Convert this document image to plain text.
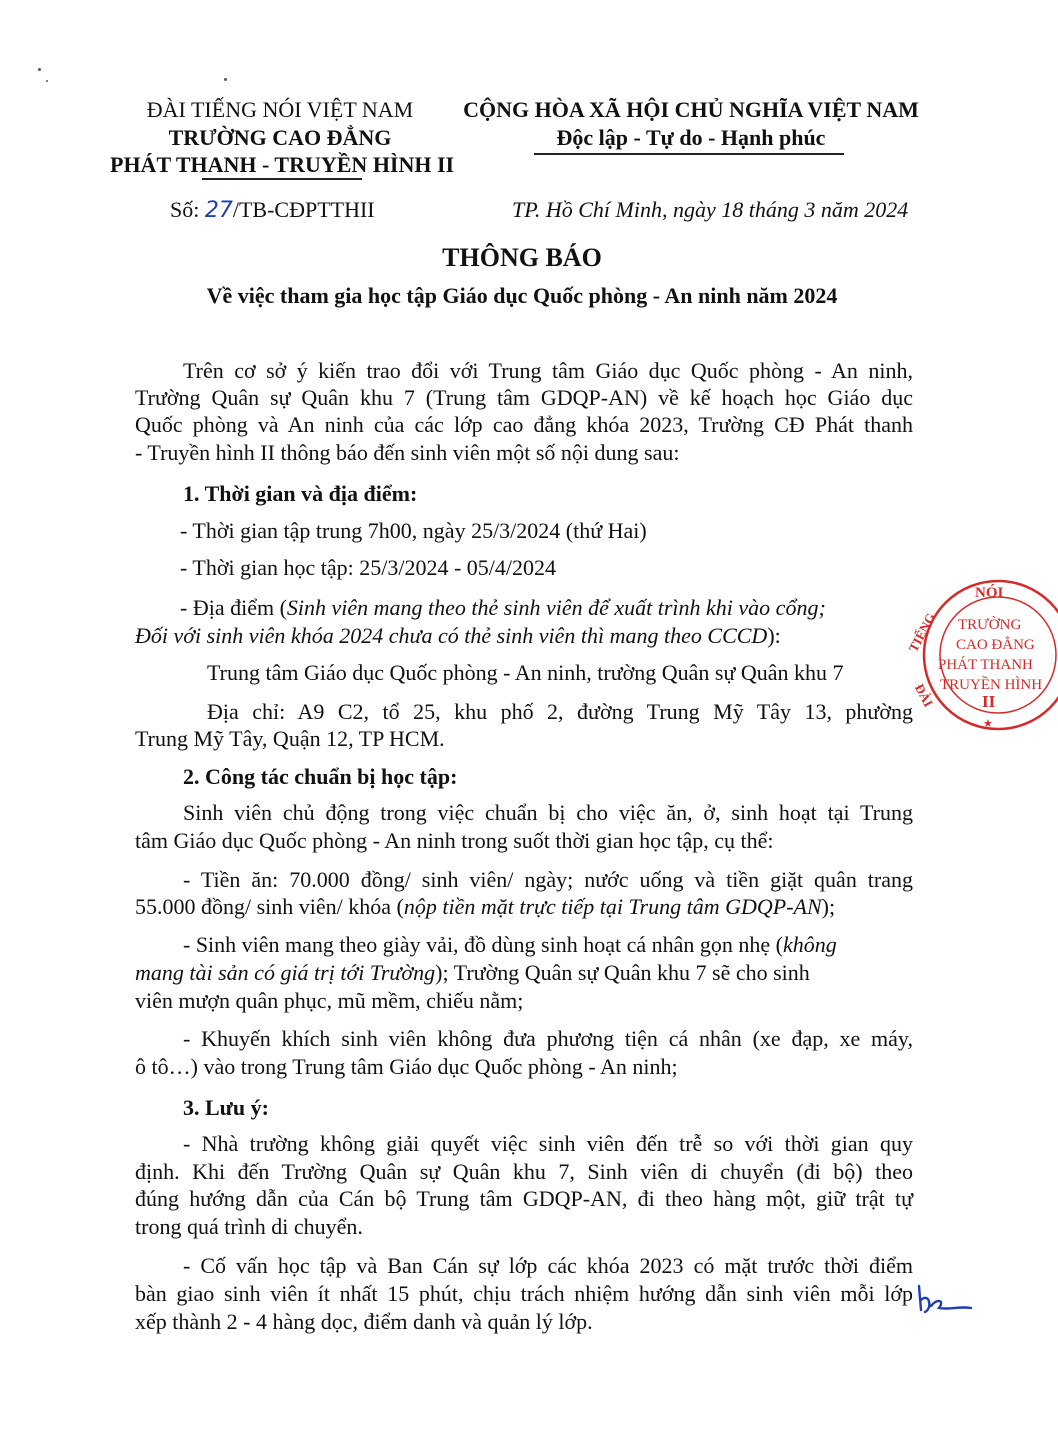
ĐÀI TIẾNG NÓI VIỆT NAM
TRƯỜNG CAO ĐẲNG
PHÁT THANH - TRUYỀN HÌNH II
CỘNG HÒA XÃ HỘI CHỦ NGHĨA VIỆT NAM
Độc lập - Tự do - Hạnh phúc
Số: 27/TB-CĐPTTHII	TP. Hồ Chí Minh, ngày 18 tháng 3 năm 2024
THÔNG BÁO
Về việc tham gia học tập Giáo dục Quốc phòng - An ninh năm 2024
Trên cơ sở ý kiến trao đổi với Trung tâm Giáo dục Quốc phòng - An ninh,
Trường Quân sự Quân khu 7 (Trung tâm GDQP-AN) về kế hoạch học Giáo dục
Quốc phòng và An ninh của các lớp cao đẳng khóa 2023, Trường CĐ Phát thanh
- Truyền hình II thông báo đến sinh viên một số nội dung sau:
1. Thời gian và địa điểm:
- Thời gian tập trung 7h00, ngày 25/3/2024 (thứ Hai)
- Thời gian học tập: 25/3/2024 - 05/4/2024
- Địa điểm (Sinh viên mang theo thẻ sinh viên để xuất trình khi vào cổng;
Đối với sinh viên khóa 2024 chưa có thẻ sinh viên thì mang theo CCCD):
Trung tâm Giáo dục Quốc phòng - An ninh, trường Quân sự Quân khu 7
Địa chỉ: A9 C2, tổ 25, khu phố 2, đường Trung Mỹ Tây 13, phường
Trung Mỹ Tây, Quận 12, TP HCM.
2. Công tác chuẩn bị học tập:
Sinh viên chủ động trong việc chuẩn bị cho việc ăn, ở, sinh hoạt tại Trung
tâm Giáo dục Quốc phòng - An ninh trong suốt thời gian học tập, cụ thể:
- Tiền ăn: 70.000 đồng/ sinh viên/ ngày; nước uống và tiền giặt quân trang
55.000 đồng/ sinh viên/ khóa (nộp tiền mặt trực tiếp tại Trung tâm GDQP-AN);
- Sinh viên mang theo giày vải, đồ dùng sinh hoạt cá nhân gọn nhẹ (không
mang tài sản có giá trị tới Trường); Trường Quân sự Quân khu 7 sẽ cho sinh
viên mượn quân phục, mũ mềm, chiếu nằm;
- Khuyến khích sinh viên không đưa phương tiện cá nhân (xe đạp, xe máy,
ô tô…) vào trong Trung tâm Giáo dục Quốc phòng - An ninh;
3. Lưu ý:
- Nhà trường không giải quyết việc sinh viên đến trễ so với thời gian quy
định. Khi đến Trường Quân sự Quân khu 7, Sinh viên di chuyển (đi bộ) theo
đúng hướng dẫn của Cán bộ Trung tâm GDQP-AN, đi theo hàng một, giữ trật tự
trong quá trình di chuyển.
- Cố vấn học tập và Ban Cán sự lớp các khóa 2023 có mặt trước thời điểm
bàn giao sinh viên ít nhất 15 phút, chịu trách nhiệm hướng dẫn sinh viên mỗi lớp
xếp thành 2 - 4 hàng dọc, điểm danh và quản lý lớp.
NÓI
TIẾNG
ĐÀI
TRƯỜNG
CAO ĐẲNG
PHÁT THANH
TRUYỀN HÌNH
II
★
